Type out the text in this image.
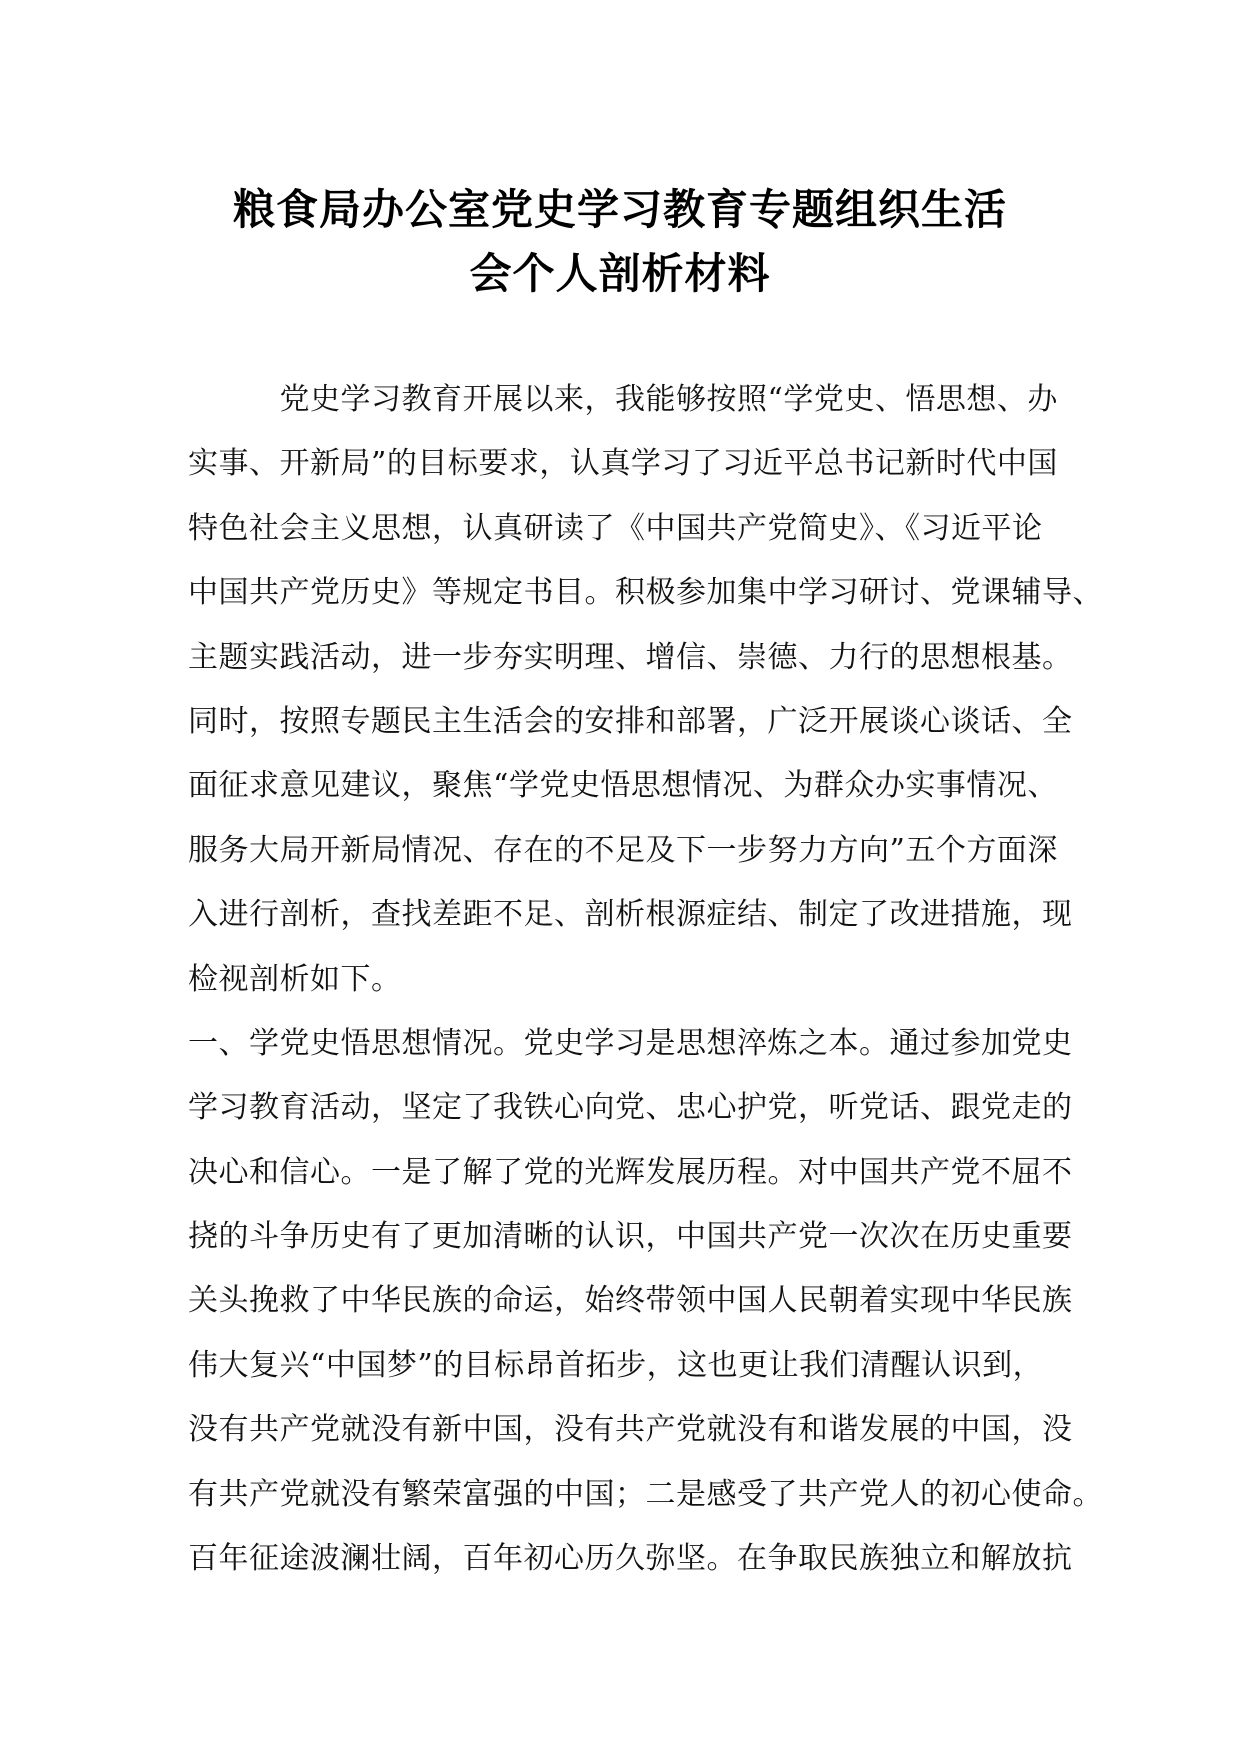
粮食局办公室党史学习教育专题组织生活
会个人剖析材料
　　　党史学习教育开展以来，我能够按照“学党史、悟思想、办
实事、开新局”的目标要求，认真学习了习近平总书记新时代中国
特色社会主义思想，认真研读了《中国共产党简史》、《习近平论
中国共产党历史》等规定书目。积极参加集中学习研讨、党课辅导、
主题实践活动，进一步夯实明理、增信、崇德、力行的思想根基。
同时，按照专题民主生活会的安排和部署，广泛开展谈心谈话、全
面征求意见建议，聚焦“学党史悟思想情况、为群众办实事情况、
服务大局开新局情况、存在的不足及下一步努力方向”五个方面深
入进行剖析，查找差距不足、剖析根源症结、制定了改进措施，现
检视剖析如下。
一、学党史悟思想情况。党史学习是思想淬炼之本。通过参加党史
学习教育活动，坚定了我铁心向党、忠心护党，听党话、跟党走的
决心和信心。一是了解了党的光辉发展历程。对中国共产党不屈不
挠的斗争历史有了更加清晰的认识，中国共产党一次次在历史重要
关头挽救了中华民族的命运，始终带领中国人民朝着实现中华民族
伟大复兴“中国梦”的目标昂首拓步，这也更让我们清醒认识到，
没有共产党就没有新中国，没有共产党就没有和谐发展的中国，没
有共产党就没有繁荣富强的中国；二是感受了共产党人的初心使命。
百年征途波澜壮阔，百年初心历久弥坚。在争取民族独立和解放抗
